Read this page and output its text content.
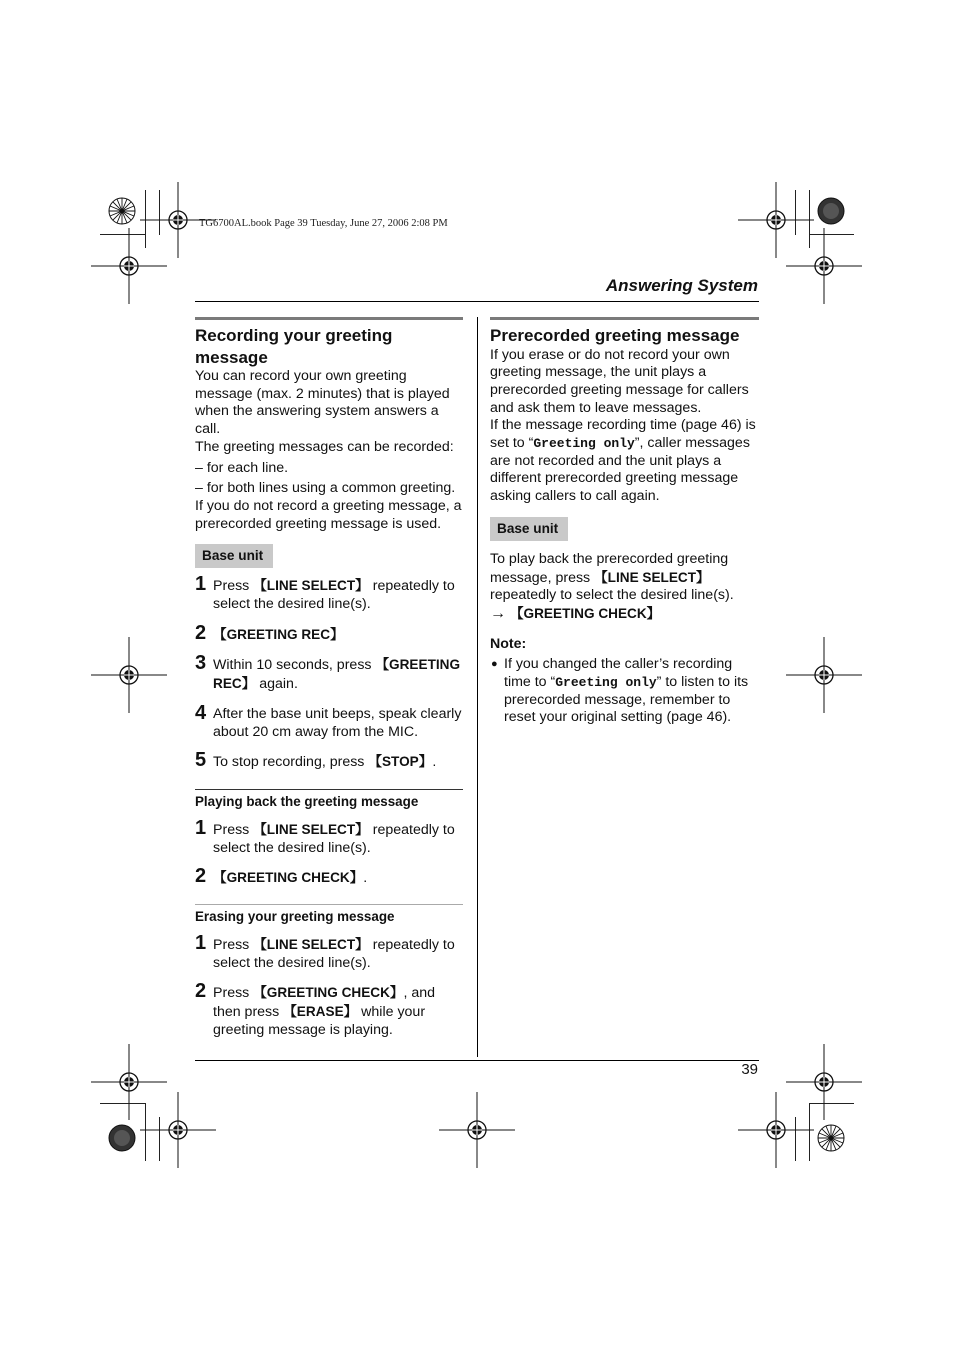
TG6700AL.book Page 39 Tuesday, June 27, 2006 2:08 PM
Answering System

Recording your greeting message

You can record your own greeting message (max. 2 minutes) that is played when the answering system answers a call.

The greeting messages can be recorded:

– for each line.

– for both lines using a common greeting.

If you do not record a greeting message, a prerecorded greeting message is used.

Base unit

1 Press 【LINE SELECT】 repeatedly to select the desired line(s).

2 【GREETING REC】

3 Within 10 seconds, press 【GREETING REC】 again.

4 After the base unit beeps, speak clearly about 20 cm away from the MIC.

5 To stop recording, press 【STOP】.

Playing back the greeting message

1 Press 【LINE SELECT】 repeatedly to select the desired line(s).

2 【GREETING CHECK】.

Erasing your greeting message

1 Press 【LINE SELECT】 repeatedly to select the desired line(s).

2 Press 【GREETING CHECK】, and then press 【ERASE】 while your greeting message is playing.

Prerecorded greeting message

If you erase or do not record your own greeting message, the unit plays a prerecorded greeting message for callers and ask them to leave messages.

If the message recording time (page 46) is set to “Greeting only”, caller messages are not recorded and the unit plays a different prerecorded greeting message asking callers to call again.

Base unit

To play back the prerecorded greeting message, press 【LINE SELECT】 repeatedly to select the desired line(s).

→ 【GREETING CHECK】

Note:

● If you changed the caller’s recording time to “Greeting only” to listen to its prerecorded message, remember to reset your original setting (page 46).

39
